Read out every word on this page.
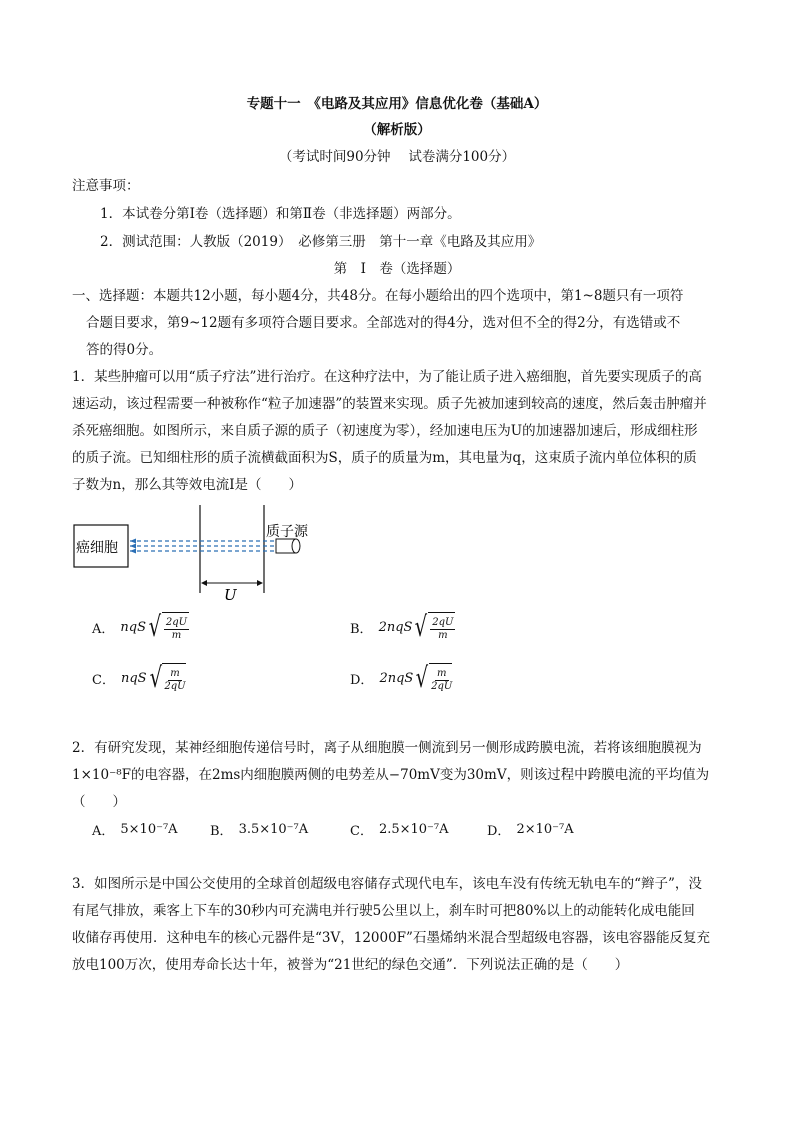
专题十一　《电路及其应用》信息优化卷（基础A）
（解析版）
（考试时间90分钟　 试卷满分100分）
注意事项：
1．本试卷分第Ⅰ卷（选择题）和第Ⅱ卷（非选择题）两部分。
2．测试范围：人教版（2019）　必修第三册　第十一章《电路及其应用》
第　Ⅰ　卷（选择题）
一、选择题：本题共12小题，每小题4分，共48分。在每小题给出的四个选项中，第1~8题只有一项符
合题目要求，第9~12题有多项符合题目要求。全部选对的得4分，选对但不全的得2分，有选错或不
答的得0分。
1．某些肿瘤可以用“质子疗法”进行治疗。在这种疗法中，为了能让质子进入癌细胞，首先要实现质子的高
速运动，该过程需要一种被称作“粒子加速器”的装置来实现。质子先被加速到较高的速度，然后轰击肿瘤并
杀死癌细胞。如图所示，来自质子源的质子（初速度为零），经加速电压为U的加速器加速后，形成细柱形
的质子流。已知细柱形的质子流横截面积为S，质子的质量为m，其电量为q，这束质子流内单位体积的质
子数为n，那么其等效电流I是（　　）
癌细胞
质子源
U
A． nqS √ $\frac{2qU}{m}$	B． 2nqS √ $\frac{2qU}{m}$
C． nqS √ $\frac{m}{2qU}$	D． 2nqS √ $\frac{m}{2qU}$
2．有研究发现，某神经细胞传递信号时，离子从细胞膜一侧流到另一侧形成跨膜电流，若将该细胞膜视为
1×10⁻⁸F的电容器，在2ms内细胞膜两侧的电势差从−70mV变为30mV，则该过程中跨膜电流的平均值为
（　　）
A． 5×10⁻⁷A B． 3.5×10⁻⁷A	C． 2.5×10⁻⁷A	D． 2×10⁻⁷A
3．如图所示是中国公交使用的全球首创超级电容储存式现代电车，该电车没有传统无轨电车的“辫子”，没
有尾气排放，乘客上下车的30秒内可充满电并行驶5公里以上，刹车时可把80%以上的动能转化成电能回
收储存再使用．这种电车的核心元器件是“3V，12000F”石墨烯纳米混合型超级电容器，该电容器能反复充
放电100万次，使用寿命长达十年，被誉为“21世纪的绿色交通”．下列说法正确的是（　　）
